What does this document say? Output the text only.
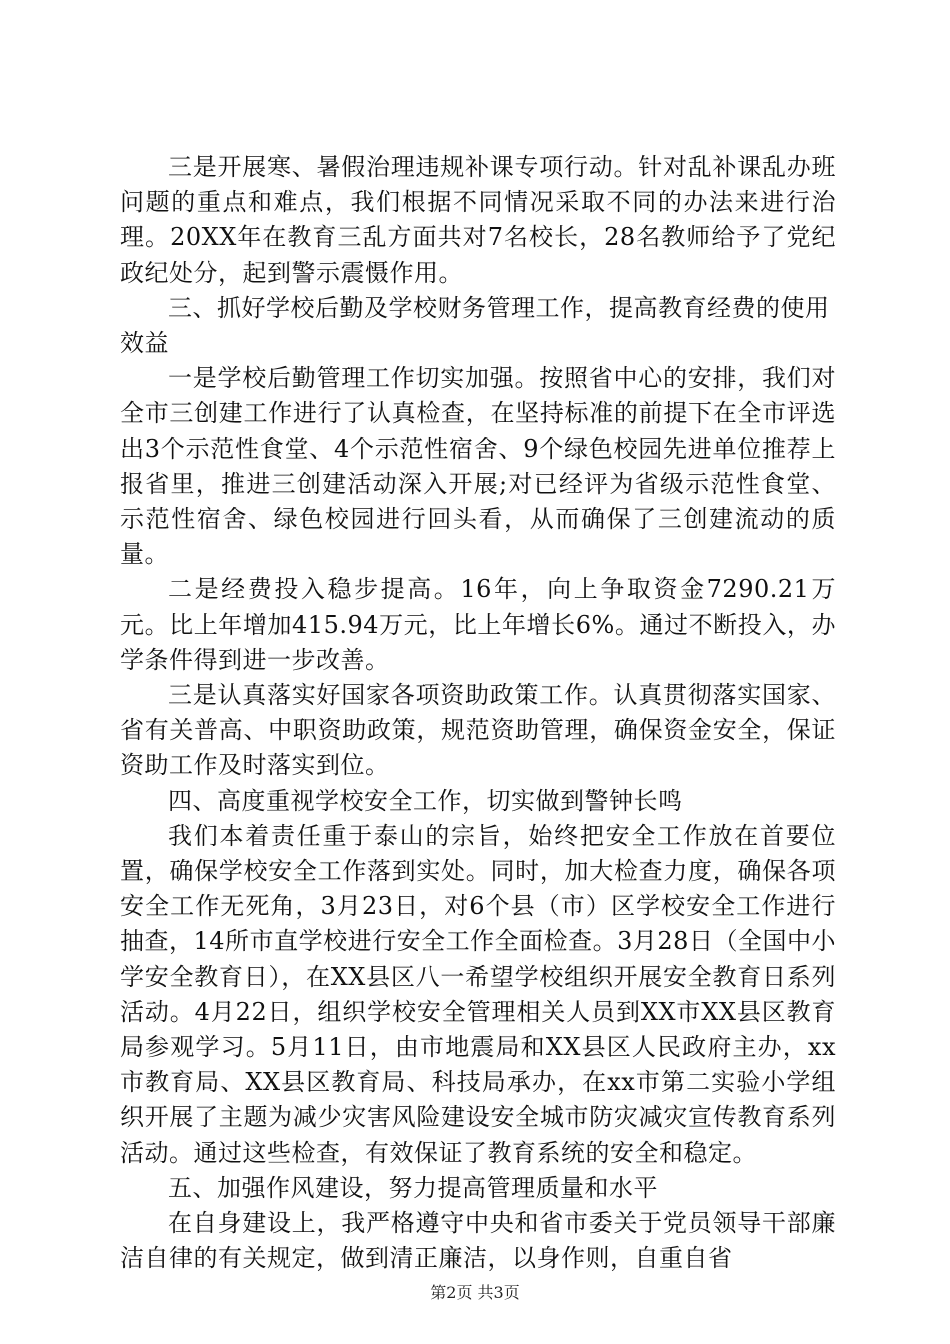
三是开展寒、暑假治理违规补课专项行动。针对乱补课乱办班问题的重点和难点，我们根据不同情况采取不同的办法来进行治理。20XX年在教育三乱方面共对7名校长，28名教师给予了党纪政纪处分，起到警示震慑作用。

三、抓好学校后勤及学校财务管理工作，提高教育经费的使用效益

一是学校后勤管理工作切实加强。按照省中心的安排，我们对全市三创建工作进行了认真检查，在坚持标准的前提下在全市评选出3个示范性食堂、4个示范性宿舍、9个绿色校园先进单位推荐上报省里，推进三创建活动深入开展;对已经评为省级示范性食堂、示范性宿舍、绿色校园进行回头看，从而确保了三创建流动的质量。

二是经费投入稳步提高。16年，向上争取资金7290.21万元。比上年增加415.94万元，比上年增长6%。通过不断投入，办学条件得到进一步改善。

三是认真落实好国家各项资助政策工作。认真贯彻落实国家、省有关普高、中职资助政策，规范资助管理，确保资金安全，保证资助工作及时落实到位。

四、高度重视学校安全工作，切实做到警钟长鸣

我们本着责任重于泰山的宗旨，始终把安全工作放在首要位置，确保学校安全工作落到实处。同时，加大检查力度，确保各项安全工作无死角，3月23日，对6个县（市）区学校安全工作进行抽查，14所市直学校进行安全工作全面检查。3月28日（全国中小学安全教育日），在XX县区八一希望学校组织开展安全教育日系列活动。4月22日，组织学校安全管理相关人员到XX市XX县区教育局参观学习。5月11日，由市地震局和XX县区人民政府主办，xx市教育局、XX县区教育局、科技局承办，在xx市第二实验小学组织开展了主题为减少灾害风险建设安全城市防灾减灾宣传教育系列活动。通过这些检查，有效保证了教育系统的安全和稳定。

五、加强作风建设，努力提高管理质量和水平

在自身建设上，我严格遵守中央和省市委关于党员领导干部廉洁自律的有关规定，做到清正廉洁，以身作则，自重自省

第2页 共3页
